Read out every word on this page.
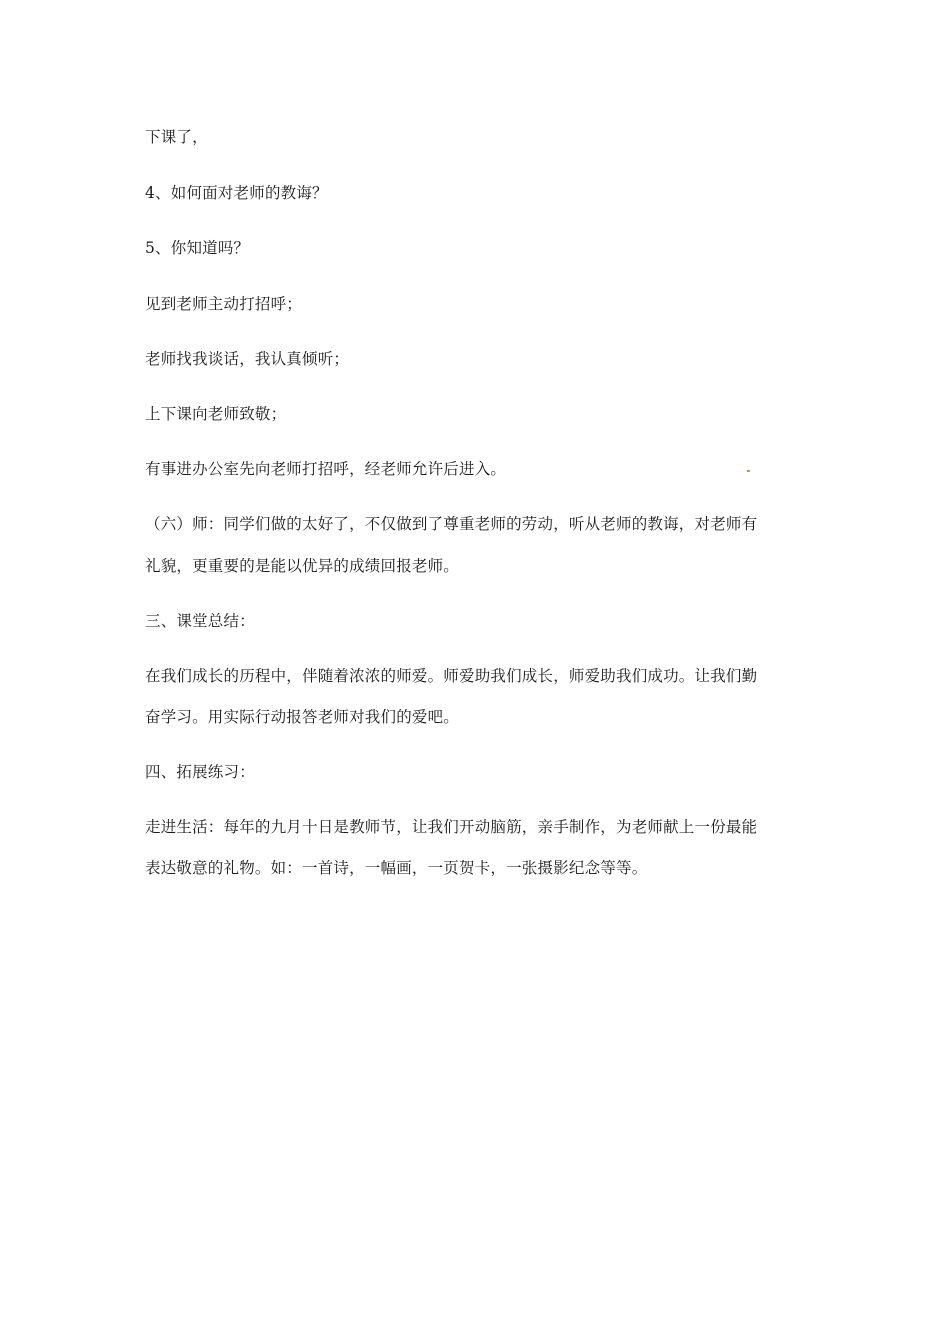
下课了，
4、如何面对老师的教诲？
5、你知道吗？
见到老师主动打招呼；
老师找我谈话，我认真倾听；
上下课向老师致敬；
有事进办公室先向老师打招呼，经老师允许后进入。
（六）师：同学们做的太好了，不仅做到了尊重老师的劳动，听从老师的教诲，对老师有
礼貌，更重要的是能以优异的成绩回报老师。
三、课堂总结：
在我们成长的历程中，伴随着浓浓的师爱。师爱助我们成长，师爱助我们成功。让我们勤
奋学习。用实际行动报答老师对我们的爱吧。
四、拓展练习：
走进生活：每年的九月十日是教师节，让我们开动脑筋，亲手制作，为老师献上一份最能
表达敬意的礼物。如：一首诗，一幅画，一页贺卡，一张摄影纪念等等。
